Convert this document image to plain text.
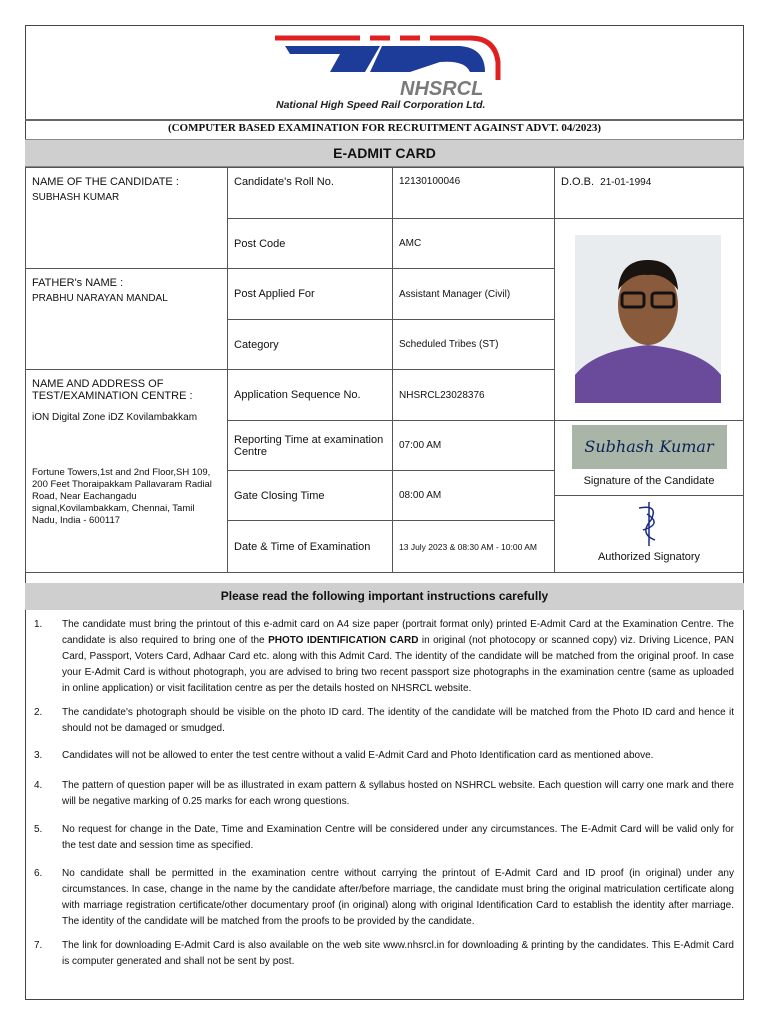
NHSRCL
National High Speed Rail Corporation Ltd.
(COMPUTER BASED EXAMINATION FOR RECRUITMENT AGAINST ADVT. 04/2023)
E-ADMIT CARD
NAME OF THE CANDIDATE :
SUBHASH KUMAR
FATHER's NAME :
PRABHU NARAYAN MANDAL
NAME AND ADDRESS OF TEST/EXAMINATION CENTRE :
iON Digital Zone iDZ Kovilambakkam
Fortune Towers,1st and 2nd Floor,SH 109, 200 Feet Thoraipakkam Pallavaram Radial Road, Near Eachangadu signal,Kovilambakkam, Chennai, Tamil Nadu, India - 600117
Candidate's Roll No.	12130100046
Post Code	AMC
Post Applied For	Assistant Manager (Civil)
Category	Scheduled Tribes (ST)
Application Sequence No.	NHSRCL23028376
Reporting Time at examination Centre	07:00 AM
Gate Closing Time	08:00 AM
Date & Time of Examination	13 July 2023 & 08:30 AM - 10:00 AM
D.O.B. 21-01-1994
Subhash Kumar
Signature of the Candidate
Authorized Signatory
Please read the following important instructions carefully
1.	The candidate must bring the printout of this e-admit card on A4 size paper (portrait format only) printed E-Admit Card at the Examination Centre. The candidate is also required to bring one of the PHOTO IDENTIFICATION CARD in original (not photocopy or scanned copy) viz. Driving Licence, PAN Card, Passport, Voters Card, Adhaar Card etc. along with this Admit Card. The identity of the candidate will be matched from the original proof. In case your E-Admit Card is without photograph, you are advised to bring two recent passport size photographs in the examination centre (same as uploaded in online application) or visit facilitation centre as per the details hosted on NHSRCL website.
2.	The candidate's photograph should be visible on the photo ID card. The identity of the candidate will be matched from the Photo ID card and hence it should not be damaged or smudged.
3.	Candidates will not be allowed to enter the test centre without a valid E-Admit Card and Photo Identification card as mentioned above.
4.	The pattern of question paper will be as illustrated in exam pattern & syllabus hosted on NSHRCL website. Each question will carry one mark and there will be negative marking of 0.25 marks for each wrong questions.
5.	No request for change in the Date, Time and Examination Centre will be considered under any circumstances. The E-Admit Card will be valid only for the test date and session time as specified.
6.	No candidate shall be permitted in the examination centre without carrying the printout of E-Admit Card and ID proof (in original) under any circumstances. In case, change in the name by the candidate after/before marriage, the candidate must bring the original matriculation certificate along with marriage registration certificate/other documentary proof (in original) along with original Identification Card to establish the identity after marriage. The identity of the candidate will be matched from the proofs to be provided by the candidate.
7.	The link for downloading E-Admit Card is also available on the web site www.nhsrcl.in for downloading & printing by the candidates. This E-Admit Card is computer generated and shall not be sent by post.
